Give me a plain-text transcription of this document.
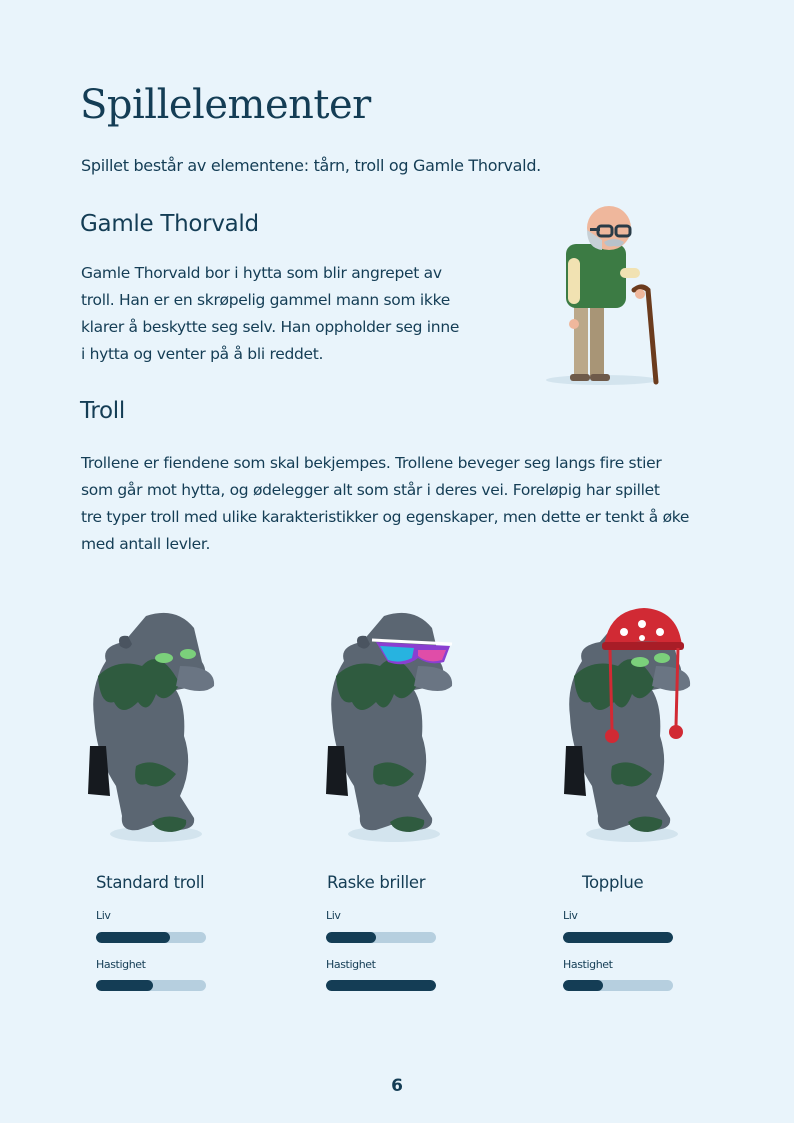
Spillelementer

Spillet består av elementene: tårn, troll og Gamle Thorvald.

Gamle Thorvald

Gamle Thorvald bor i hytta som blir angrepet av
troll. Han er en skrøpelig gammel mann som ikke
klarer å beskytte seg selv. Han oppholder seg inne
i hytta og venter på å bli reddet.

Troll

Trollene er fiendene som skal bekjempes. Trollene beveger seg langs fire stier
som går mot hytta, og ødelegger alt som står i deres vei. Foreløpig har spillet
tre typer troll med ulike karakteristikker og egenskaper, men dette er tenkt å øke
med antall levler.

Standard troll	Raske briller	Topplue

Liv
Hastighet
Liv
Hastighet
Liv
Hastighet
6
